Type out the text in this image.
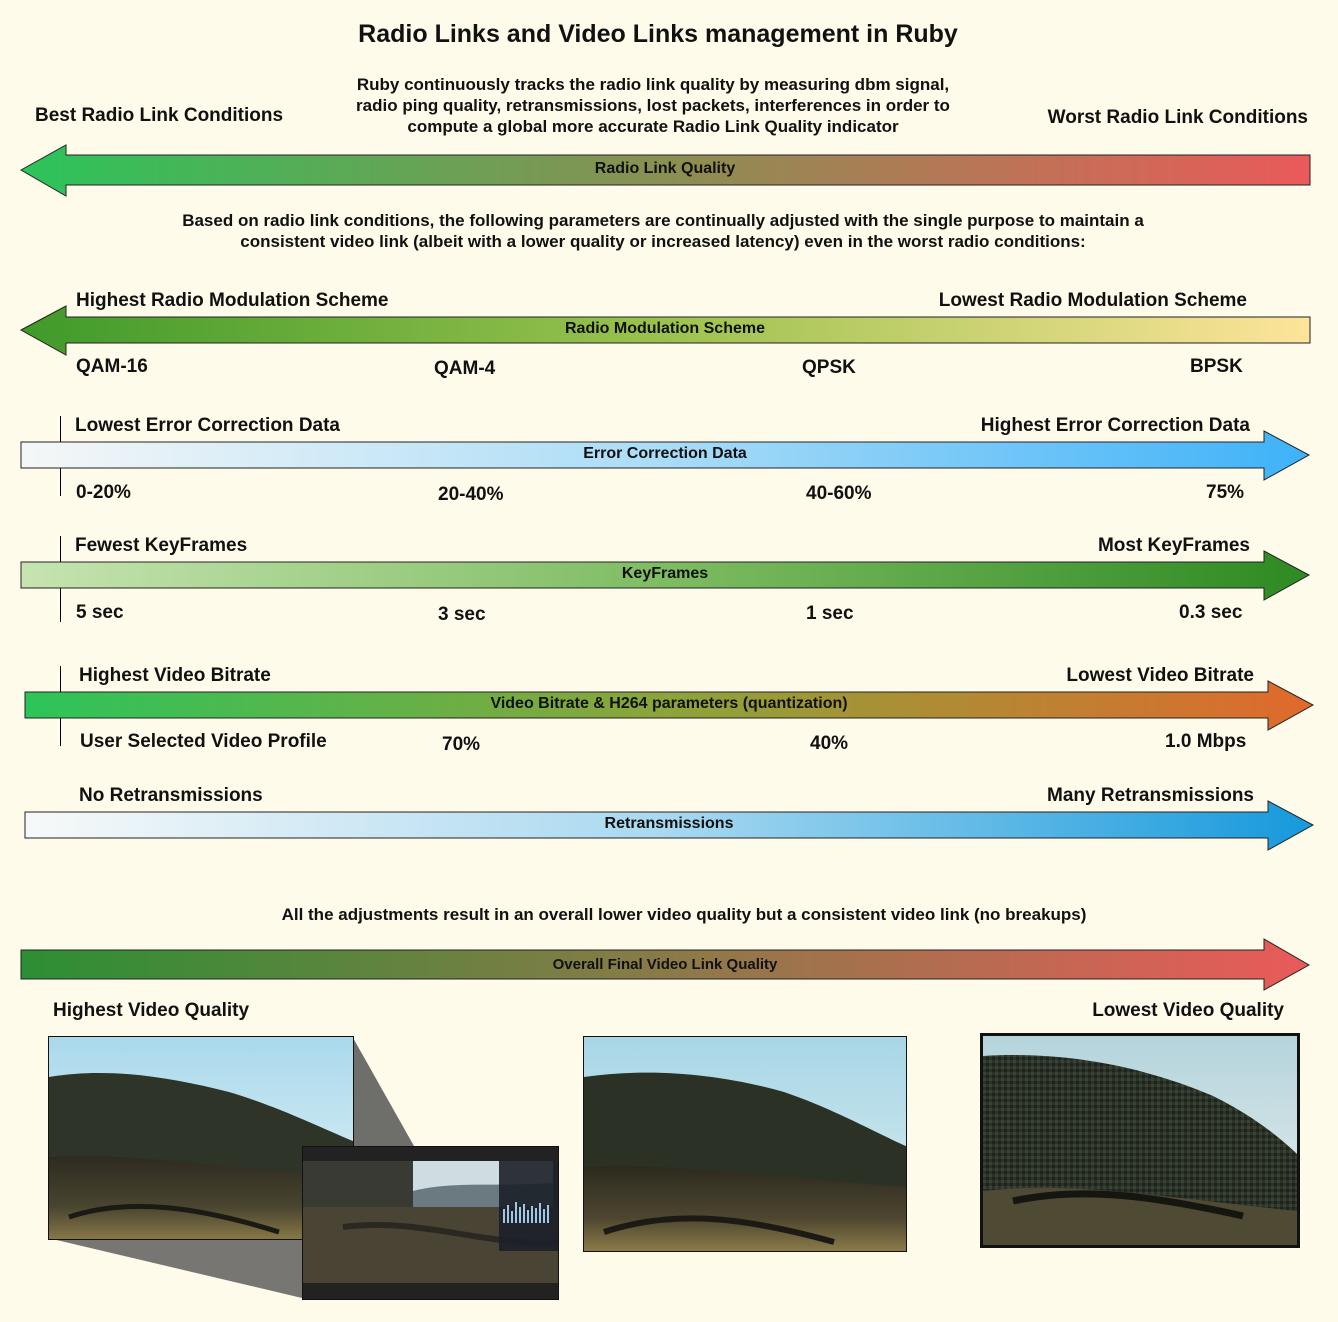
Radio Links and Video Links management in Ruby
Ruby continuously tracks the radio link quality by measuring dbm signal, radio ping quality, retransmissions, lost packets, interferences in order to compute a global more accurate Radio Link Quality indicator
Best Radio Link Conditions	Worst Radio Link Conditions
Radio Link Quality
Based on radio link conditions, the following parameters are continually adjusted with the single purpose to maintain a consistent video link (albeit with a lower quality or increased latency) even in the worst radio conditions:
Highest Radio Modulation Scheme	Lowest Radio Modulation Scheme
Radio Modulation Scheme
QAM-16	QAM-4	QPSK	BPSK
Lowest Error Correction Data	Highest Error Correction Data
Error Correction Data
0-20%	20-40%	40-60%	75%
Fewest KeyFrames	Most KeyFrames
KeyFrames
5 sec	3 sec	1 sec	0.3 sec
Highest Video Bitrate	Lowest Video Bitrate
Video Bitrate & H264 parameters (quantization)
User Selected Video Profile	70%	40%	1.0 Mbps
No Retransmissions	Many Retransmissions
Retransmissions
All the adjustments result in an overall lower video quality but a consistent video link (no breakups)
Overall Final Video Link Quality
Highest Video Quality	Lowest Video Quality
